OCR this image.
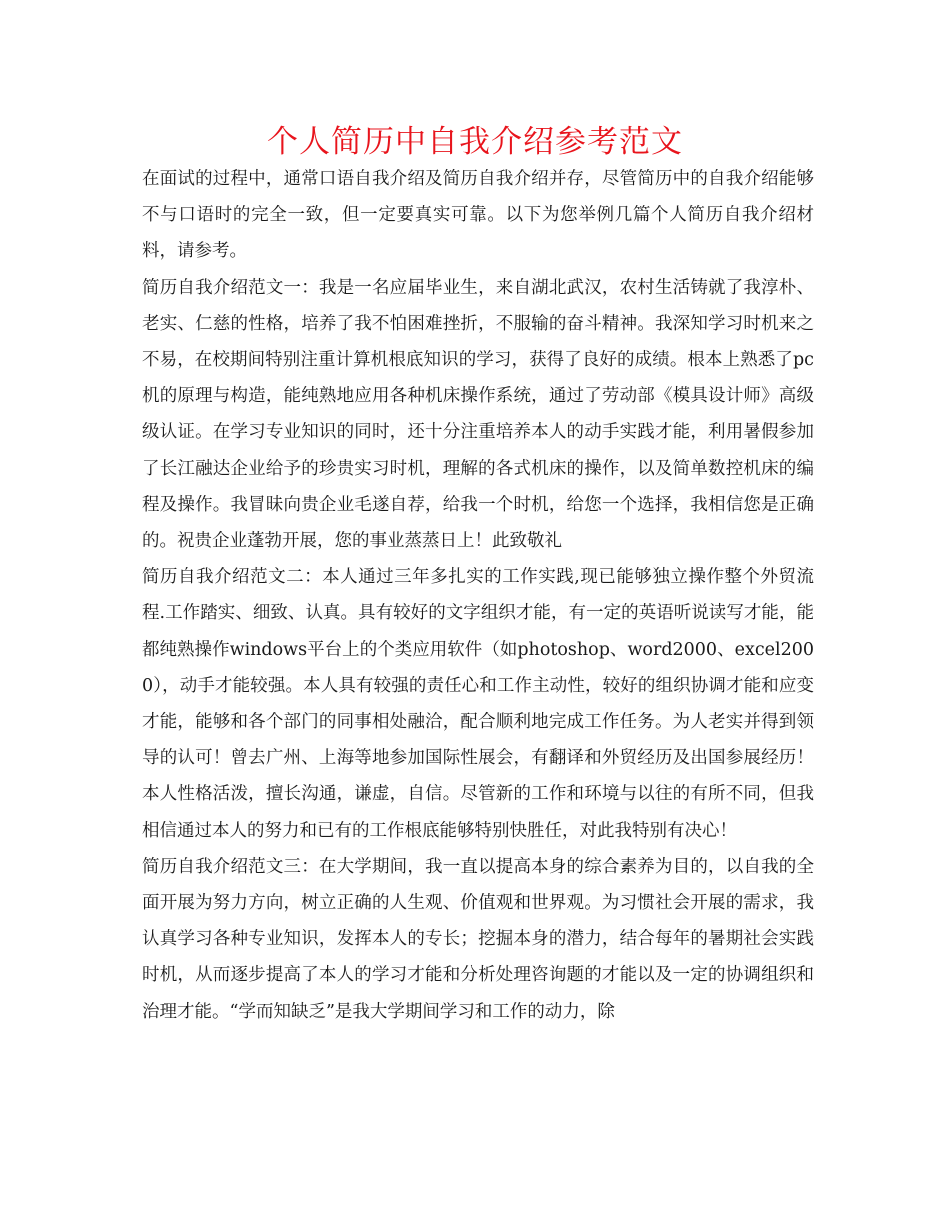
个人简历中自我介绍参考范文

在面试的过程中，通常口语自我介绍及简历自我介绍并存，尽管简历中的自我介绍能够不与口语时的完全一致，但一定要真实可靠。以下为您举例几篇个人简历自我介绍材料，请参考。

简历自我介绍范文一：我是一名应届毕业生，来自湖北武汉，农村生活铸就了我淳朴、老实、仁慈的性格，培养了我不怕困难挫折，不服输的奋斗精神。我深知学习时机来之不易，在校期间特别注重计算机根底知识的学习，获得了良好的成绩。根本上熟悉了pc机的原理与构造，能纯熟地应用各种机床操作系统，通过了劳动部《模具设计师》高级级认证。在学习专业知识的同时，还十分注重培养本人的动手实践才能，利用暑假参加了长江融达企业给予的珍贵实习时机，理解的各式机床的操作，以及简单数控机床的编程及操作。我冒昧向贵企业毛遂自荐，给我一个时机，给您一个选择，我相信您是正确的。祝贵企业蓬勃开展，您的事业蒸蒸日上！此致敬礼

简历自我介绍范文二：本人通过三年多扎实的工作实践,现已能够独立操作整个外贸流程.工作踏实、细致、认真。具有较好的文字组织才能，有一定的英语听说读写才能，能都纯熟操作windows平台上的个类应用软件（如photoshop、word2000、excel2000），动手才能较强。本人具有较强的责任心和工作主动性，较好的组织协调才能和应变才能，能够和各个部门的同事相处融洽，配合顺利地完成工作任务。为人老实并得到领导的认可！曾去广州、上海等地参加国际性展会，有翻译和外贸经历及出国参展经历！本人性格活泼，擅长沟通，谦虚，自信。尽管新的工作和环境与以往的有所不同，但我相信通过本人的努力和已有的工作根底能够特别快胜任，对此我特别有决心！

简历自我介绍范文三：在大学期间，我一直以提高本身的综合素养为目的，以自我的全面开展为努力方向，树立正确的人生观、价值观和世界观。为习惯社会开展的需求，我认真学习各种专业知识，发挥本人的专长；挖掘本身的潜力，结合每年的暑期社会实践时机，从而逐步提高了本人的学习才能和分析处理咨询题的才能以及一定的协调组织和治理才能。“学而知缺乏”是我大学期间学习和工作的动力，除
